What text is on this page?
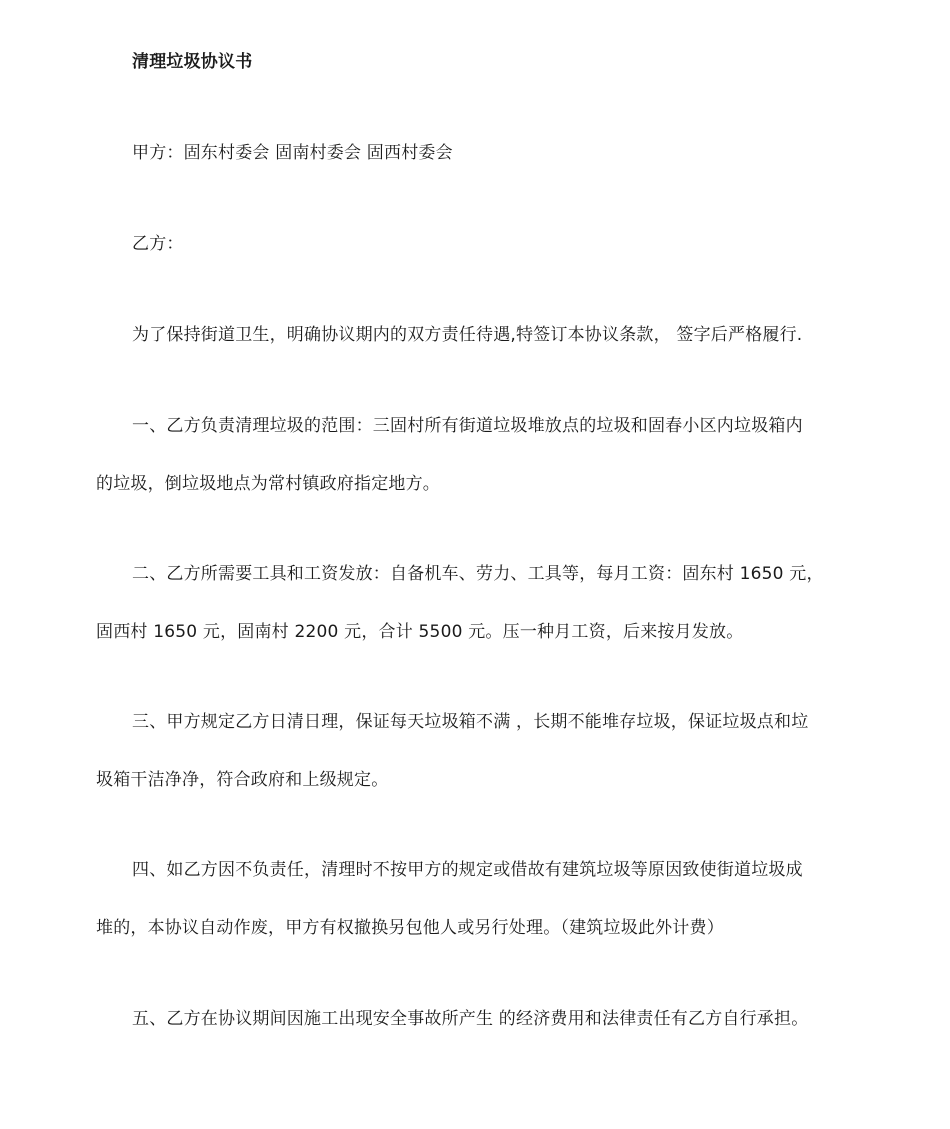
清理垃圾协议书
甲方：固东村委会 固南村委会 固西村委会
乙方：
为了保持街道卫生，明确协议期内的双方责任待遇,特签订本协议条款， 签字后严格履行.
一、乙方负责清理垃圾的范围：三固村所有街道垃圾堆放点的垃圾和固春小区内垃圾箱内
的垃圾，倒垃圾地点为常村镇政府指定地方。
二、乙方所需要工具和工资发放：自备机车、劳力、工具等，每月工资：固东村 1650 元，
固西村 1650 元，固南村 2200 元，合计 5500 元。压一种月工资，后来按月发放。
三、甲方规定乙方日清日理，保证每天垃圾箱不满 ，长期不能堆存垃圾，保证垃圾点和垃
圾箱干洁净净，符合政府和上级规定。
四、如乙方因不负责任，清理时不按甲方的规定或借故有建筑垃圾等原因致使街道垃圾成
堆的，本协议自动作废，甲方有权撤换另包他人或另行处理。（建筑垃圾此外计费）
五、乙方在协议期间因施工出现安全事故所产生 的经济费用和法律责任有乙方自行承担。
